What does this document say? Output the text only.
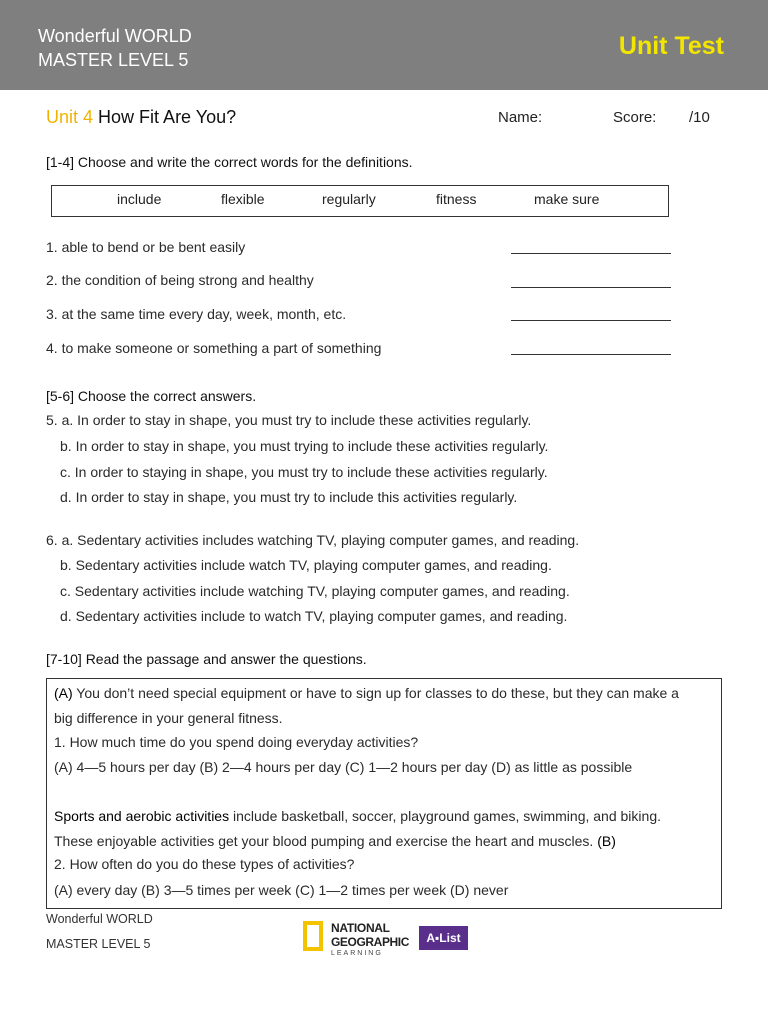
Wonderful WORLD
MASTER LEVEL 5	Unit Test
Unit 4 How Fit Are You?	Name:	Score: /10
[1-4] Choose and write the correct words for the definitions.
include	flexible	regularly	fitness	make sure
1. able to bend or be bent easily
2. the condition of being strong and healthy
3. at the same time every day, week, month, etc.
4. to make someone or something a part of something
[5-6] Choose the correct answers.
5. a. In order to stay in shape, you must try to include these activities regularly.
b. In order to stay in shape, you must trying to include these activities regularly.
c. In order to staying in shape, you must try to include these activities regularly.
d. In order to stay in shape, you must try to include this activities regularly.
6. a. Sedentary activities includes watching TV, playing computer games, and reading.
b. Sedentary activities include watch TV, playing computer games, and reading.
c. Sedentary activities include watching TV, playing computer games, and reading.
d. Sedentary activities include to watch TV, playing computer games, and reading.
[7-10] Read the passage and answer the questions.
(A) You don’t need special equipment or have to sign up for classes to do these, but they can make a
big difference in your general fitness.
1. How much time do you spend doing everyday activities?
(A) 4—5 hours per day (B) 2—4 hours per day (C) 1—2 hours per day (D) as little as possible
Sports and aerobic activities include basketball, soccer, playground games, swimming, and biking.
These enjoyable activities get your blood pumping and exercise the heart and muscles. (B)
2. How often do you do these types of activities?
(A) every day (B) 3—5 times per week (C) 1—2 times per week (D) never
Wonderful WORLD
MASTER LEVEL 5
NATIONAL
GEOGRAPHIC
LEARNING
A▪List
